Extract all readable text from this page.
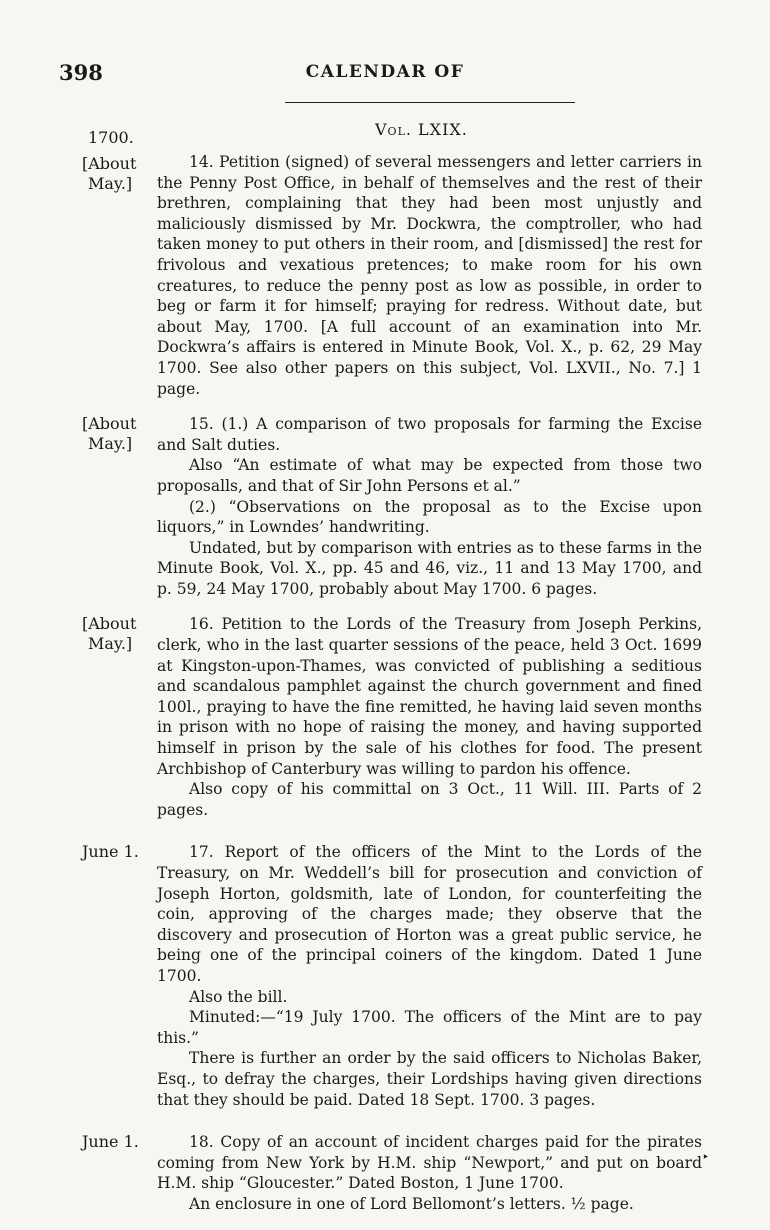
398	CALENDAR OF
Vol. LXIX.
1700.
[About
May.]

14. Petition (signed) of several messengers and letter carriers in the Penny Post Office, in behalf of themselves and the rest of their brethren, complaining that they had been most unjustly and maliciously dismissed by Mr. Dockwra, the comptroller, who had taken money to put others in their room, and [dismissed] the rest for frivolous and vexatious pretences; to make room for his own creatures, to reduce the penny post as low as possible, in order to beg or farm it for himself; praying for redress. Without date, but about May, 1700. [A full account of an examination into Mr. Dockwra’s affairs is entered in Minute Book, Vol. X., p. 62, 29 May 1700. See also other papers on this subject, Vol. LXVII., No. 7.] 1 page.

[About
May.]

15. (1.) A comparison of two proposals for farming the Excise and Salt duties.

Also “An estimate of what may be expected from those two proposalls, and that of Sir John Persons et al.”

(2.) “Observations on the proposal as to the Excise upon liquors,” in Lowndes’ handwriting.

Undated, but by comparison with entries as to these farms in the Minute Book, Vol. X., pp. 45 and 46, viz., 11 and 13 May 1700, and p. 59, 24 May 1700, probably about May 1700. 6 pages.

[About
May.]

16. Petition to the Lords of the Treasury from Joseph Perkins, clerk, who in the last quarter sessions of the peace, held 3 Oct. 1699 at Kingston-upon-Thames, was convicted of publishing a seditious and scandalous pamphlet against the church government and fined 100l., praying to have the fine remitted, he having laid seven months in prison with no hope of raising the money, and having supported himself in prison by the sale of his clothes for food. The present Archbishop of Canterbury was willing to pardon his offence.

Also copy of his committal on 3 Oct., 11 Will. III. Parts of 2 pages.

June 1.	17. Report of the officers of the Mint to the Lords of the Treasury, on Mr. Weddell’s bill for prosecution and conviction of Joseph Horton, goldsmith, late of London, for counterfeiting the coin, approving of the charges made; they observe that the discovery and prosecution of Horton was a great public service, he being one of the principal coiners of the kingdom. Dated 1 June 1700.

Also the bill.

Minuted:—“19 July 1700. The officers of the Mint are to pay this.”

There is further an order by the said officers to Nicholas Baker, Esq., to defray the charges, their Lordships having given directions that they should be paid. Dated 18 Sept. 1700. 3 pages.

June 1.	18. Copy of an account of incident charges paid for the pirates coming from New York by H.M. ship “Newport,” and put on board H.M. ship “Gloucester.” Dated Boston, 1 June 1700.

An enclosure in one of Lord Bellomont’s letters. ½ page.

‣
